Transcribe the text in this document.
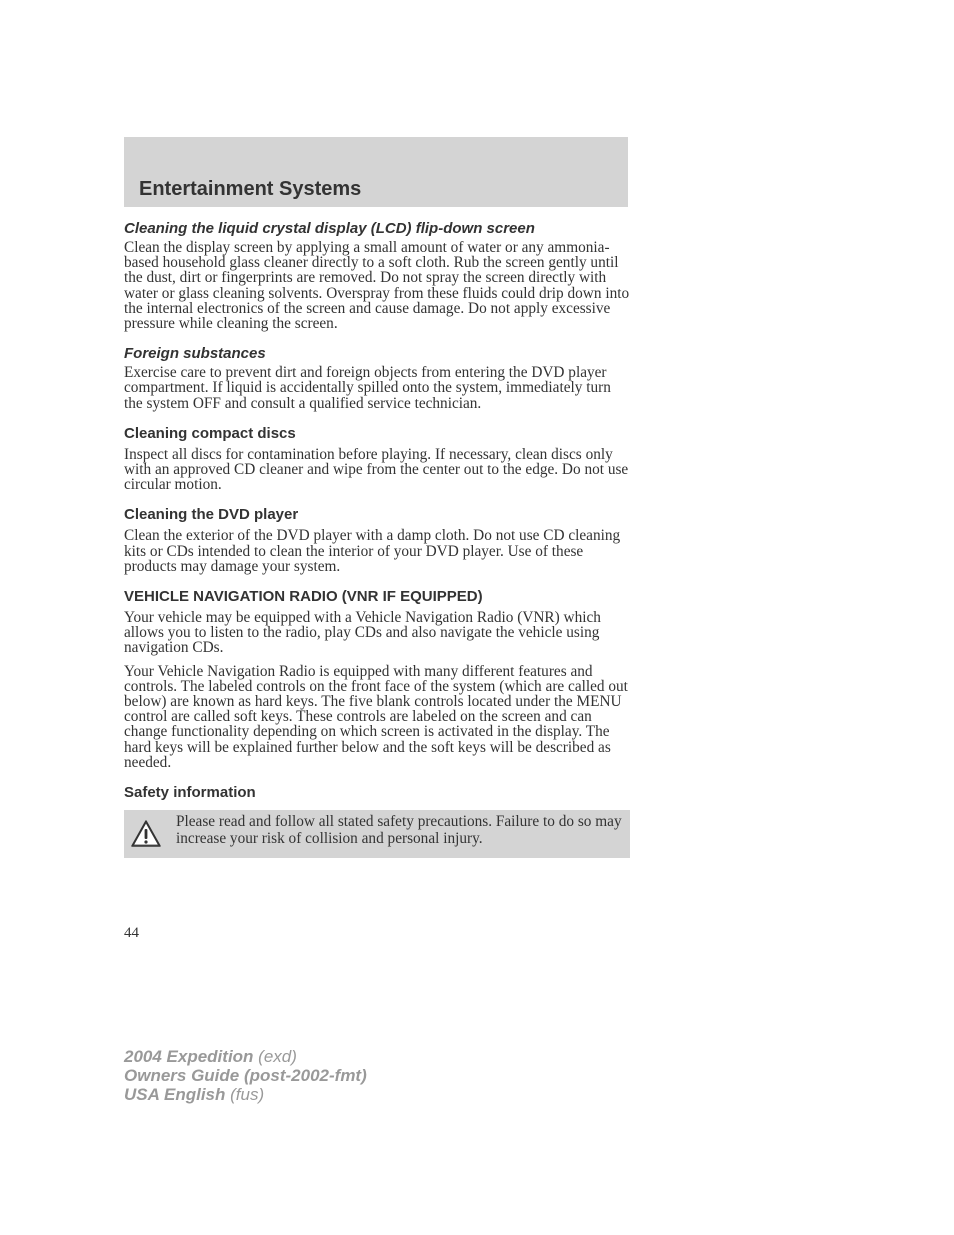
Entertainment Systems
Cleaning the liquid crystal display (LCD) flip-down screen

Clean the display screen by applying a small amount of water or any ammonia-based household glass cleaner directly to a soft cloth. Rub the screen gently until the dust, dirt or fingerprints are removed. Do not spray the screen directly with water or glass cleaning solvents. Overspray from these fluids could drip down into the internal electronics of the screen and cause damage. Do not apply excessive pressure while cleaning the screen.

Foreign substances

Exercise care to prevent dirt and foreign objects from entering the DVD player compartment. If liquid is accidentally spilled onto the system, immediately turn the system OFF and consult a qualified service technician.

Cleaning compact discs

Inspect all discs for contamination before playing. If necessary, clean discs only with an approved CD cleaner and wipe from the center out to the edge. Do not use circular motion.

Cleaning the DVD player

Clean the exterior of the DVD player with a damp cloth. Do not use CD cleaning kits or CDs intended to clean the interior of your DVD player. Use of these products may damage your system.

VEHICLE NAVIGATION RADIO (VNR IF EQUIPPED)

Your vehicle may be equipped with a Vehicle Navigation Radio (VNR) which allows you to listen to the radio, play CDs and also navigate the vehicle using navigation CDs.

Your Vehicle Navigation Radio is equipped with many different features and controls. The labeled controls on the front face of the system (which are called out below) are known as hard keys. The five blank controls located under the MENU control are called soft keys. These controls are labeled on the screen and can change functionality depending on which screen is activated in the display. The hard keys will be explained further below and the soft keys will be described as needed.

Safety information
Please read and follow all stated safety precautions. Failure to do so may increase your risk of collision and personal injury.
44
2004 Expedition (exd)
Owners Guide (post-2002-fmt)
USA English (fus)
